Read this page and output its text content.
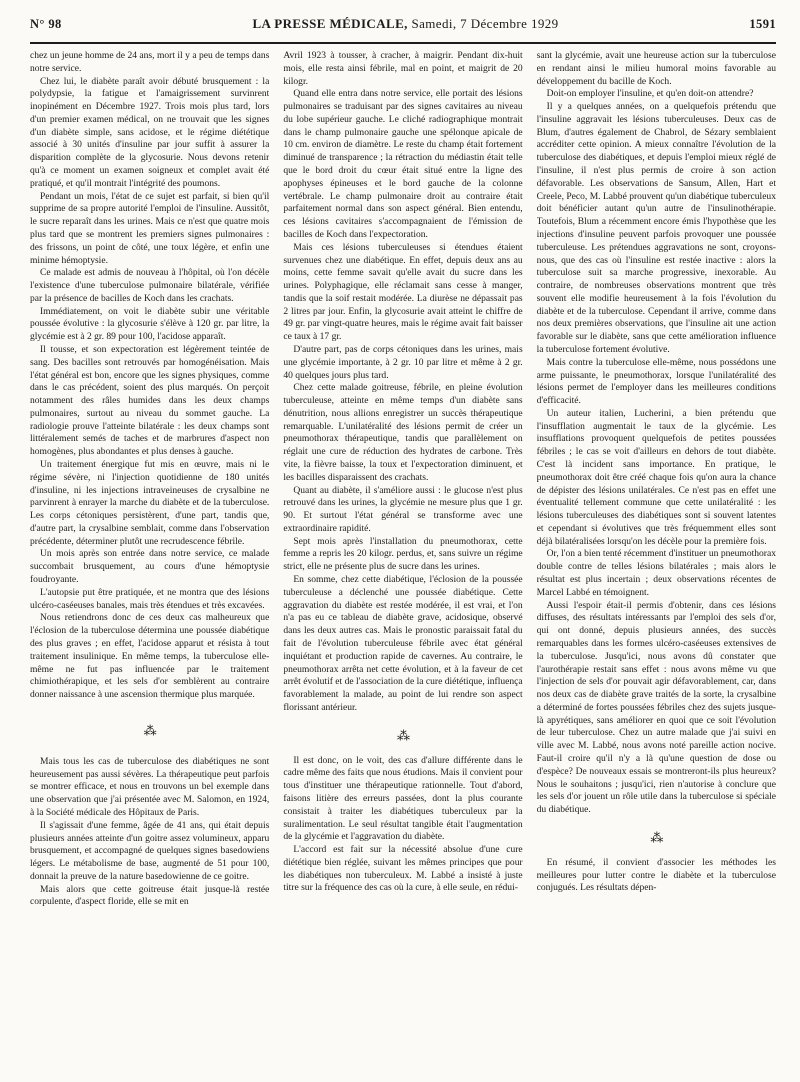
N° 98	LA PRESSE MÉDICALE, Samedi, 7 Décembre 1929	1591

chez un jeune homme de 24 ans, mort il y a peu de temps dans notre service.

Chez lui, le diabète paraît avoir débuté brusquement : la polydypsie, la fatigue et l'amaigrissement survinrent inopinément en Décembre 1927. Trois mois plus tard, lors d'un premier examen médical, on ne trouvait que les signes d'un diabète simple, sans acidose, et le régime diététique associé à 30 unités d'insuline par jour suffit à assurer la disparition complète de la glycosurie. Nous devons retenir qu'à ce moment un examen soigneux et complet avait été pratiqué, et qu'il montrait l'intégrité des poumons.

Pendant un mois, l'état de ce sujet est parfait, si bien qu'il supprime de sa propre autorité l'emploi de l'insuline. Aussitôt, le sucre reparaît dans les urines. Mais ce n'est que quatre mois plus tard que se montrent les premiers signes pulmonaires : des frissons, un point de côté, une toux légère, et enfin une minime hémoptysie.

Ce malade est admis de nouveau à l'hôpital, où l'on décèle l'existence d'une tuberculose pulmonaire bilatérale, vérifiée par la présence de bacilles de Koch dans les crachats.

Immédiatement, on voit le diabète subir une véritable poussée évolutive : la glycosurie s'élève à 120 gr. par litre, la glycémie est à 2 gr. 89 pour 100, l'acidose apparaît.

Il tousse, et son expectoration est légèrement teintée de sang. Des bacilles sont retrouvés par homogénéisation. Mais l'état général est bon, encore que les signes physiques, comme dans le cas précédent, soient des plus marqués. On perçoit notamment des râles humides dans les deux champs pulmonaires, surtout au niveau du sommet gauche. La radiologie prouve l'atteinte bilatérale : les deux champs sont littéralement semés de taches et de marbrures d'aspect non homogènes, plus abondantes et plus denses à gauche.

Un traitement énergique fut mis en œuvre, mais ni le régime sévère, ni l'injection quotidienne de 180 unités d'insuline, ni les injections intraveineuses de crysalbine ne parvinrent à enrayer la marche du diabète et de la tuberculose. Les corps cétoniques persistèrent, d'une part, tandis que, d'autre part, la crysalbine semblait, comme dans l'observation précédente, déterminer plutôt une recrudescence fébrile.

Un mois après son entrée dans notre service, ce malade succombait brusquement, au cours d'une hémoptysie foudroyante.

L'autopsie put être pratiquée, et ne montra que des lésions ulcéro-caséeuses banales, mais très étendues et très excavées.

Nous retiendrons donc de ces deux cas malheureux que l'éclosion de la tuberculose détermina une poussée diabétique des plus graves ; en effet, l'acidose apparut et résista à tout traitement insulinique. En même temps, la tuberculose elle-même ne fut pas influencée par le traitement chimiothérapique, et les sels d'or semblèrent au contraire donner naissance à une ascension thermique plus marquée.

⁂

Mais tous les cas de tuberculose des diabétiques ne sont heureusement pas aussi sévères. La thérapeutique peut parfois se montrer efficace, et nous en trouvons un bel exemple dans une observation que j'ai présentée avec M. Salomon, en 1924, à la Société médicale des Hôpitaux de Paris.

Il s'agissait d'une femme, âgée de 41 ans, qui était depuis plusieurs années atteinte d'un goitre assez volumineux, apparu brusquement, et accompagné de quelques signes basedowiens légers. Le métabolisme de base, augmenté de 51 pour 100, donnait la preuve de la nature basedowienne de ce goitre.

Mais alors que cette goitreuse était jusque-là restée corpulente, d'aspect floride, elle se mit en

Avril 1923 à tousser, à cracher, à maigrir. Pendant dix-huit mois, elle resta ainsi fébrile, mal en point, et maigrit de 20 kilogr.

Quand elle entra dans notre service, elle portait des lésions pulmonaires se traduisant par des signes cavitaires au niveau du lobe supérieur gauche. Le cliché radiographique montrait dans le champ pulmonaire gauche une spélonque apicale de 10 cm. environ de diamètre. Le reste du champ était fortement diminué de transparence ; la rétraction du médiastin était telle que le bord droit du cœur était situé entre la ligne des apophyses épineuses et le bord gauche de la colonne vertébrale. Le champ pulmonaire droit au contraire était parfaitement normal dans son aspect général. Bien entendu, ces lésions cavitaires s'accompagnaient de l'émission de bacilles de Koch dans l'expectoration.

Mais ces lésions tuberculeuses si étendues étaient survenues chez une diabétique. En effet, depuis deux ans au moins, cette femme savait qu'elle avait du sucre dans les urines. Polyphagique, elle réclamait sans cesse à manger, tandis que la soif restait modérée. La diurèse ne dépassait pas 2 litres par jour. Enfin, la glycosurie avait atteint le chiffre de 49 gr. par vingt-quatre heures, mais le régime avait fait baisser ce taux à 17 gr.

D'autre part, pas de corps cétoniques dans les urines, mais une glycémie importante, à 2 gr. 10 par litre et même à 2 gr. 40 quelques jours plus tard.

Chez cette malade goitreuse, fébrile, en pleine évolution tuberculeuse, atteinte en même temps d'un diabète sans dénutrition, nous allions enregistrer un succès thérapeutique remarquable. L'unilatéralité des lésions permit de créer un pneumothorax thérapeutique, tandis que parallèlement on réglait une cure de réduction des hydrates de carbone. Très vite, la fièvre baisse, la toux et l'expectoration diminuent, et les bacilles disparaissent des crachats.

Quant au diabète, il s'améliore aussi : le glucose n'est plus retrouvé dans les urines, la glycémie ne mesure plus que 1 gr. 90. Et surtout l'état général se transforme avec une extraordinaire rapidité.

Sept mois après l'installation du pneumothorax, cette femme a repris les 20 kilogr. perdus, et, sans suivre un régime strict, elle ne présente plus de sucre dans les urines.

En somme, chez cette diabétique, l'éclosion de la poussée tuberculeuse a déclenché une poussée diabétique. Cette aggravation du diabète est restée modérée, il est vrai, et l'on n'a pas eu ce tableau de diabète grave, acidosique, observé dans les deux autres cas. Mais le pronostic paraissait fatal du fait de l'évolution tuberculeuse fébrile avec état général inquiétant et production rapide de cavernes. Au contraire, le pneumothorax arrêta net cette évolution, et à la faveur de cet arrêt évolutif et de l'association de la cure diététique, influença favorablement la malade, au point de lui rendre son aspect florissant antérieur.

⁂

Il est donc, on le voit, des cas d'allure différente dans le cadre même des faits que nous étudions. Mais il convient pour tous d'instituer une thérapeutique rationnelle. Tout d'abord, faisons litière des erreurs passées, dont la plus courante consistait à traiter les diabétiques tuberculeux par la suralimentation. Le seul résultat tangible était l'augmentation de la glycémie et l'aggravation du diabète.

L'accord est fait sur la nécessité absolue d'une cure diététique bien réglée, suivant les mêmes principes que pour les diabétiques non tuberculeux. M. Labbé a insisté à juste titre sur la fréquence des cas où la cure, à elle seule, en rédui-

sant la glycémie, avait une heureuse action sur la tuberculose en rendant ainsi le milieu humoral moins favorable au développement du bacille de Koch.

Doit-on employer l'insuline, et qu'en doit-on attendre?

Il y a quelques années, on a quelquefois prétendu que l'insuline aggravait les lésions tuberculeuses. Deux cas de Blum, d'autres également de Chabrol, de Sézary semblaient accréditer cette opinion. A mieux connaître l'évolution de la tuberculose des diabétiques, et depuis l'emploi mieux réglé de l'insuline, il n'est plus permis de croire à son action défavorable. Les observations de Sansum, Allen, Hart et Creele, Peco, M. Labbé prouvent qu'un diabétique tuberculeux doit bénéficier autant qu'un autre de l'insulinothérapie. Toutefois, Blum a récemment encore émis l'hypothèse que les injections d'insuline peuvent parfois provoquer une poussée tuberculeuse. Les prétendues aggravations ne sont, croyons-nous, que des cas où l'insuline est restée inactive : alors la tuberculose suit sa marche progressive, inexorable. Au contraire, de nombreuses observations montrent que très souvent elle modifie heureusement à la fois l'évolution du diabète et de la tuberculose. Cependant il arrive, comme dans nos deux premières observations, que l'insuline ait une action favorable sur le diabète, sans que cette amélioration influence la tuberculose fortement évolutive.

Mais contre la tuberculose elle-même, nous possédons une arme puissante, le pneumothorax, lorsque l'unilatéralité des lésions permet de l'employer dans les meilleures conditions d'efficacité.

Un auteur italien, Lucherini, a bien prétendu que l'insufflation augmentait le taux de la glycémie. Les insufflations provoquent quelquefois de petites poussées fébriles ; le cas se voit d'ailleurs en dehors de tout diabète. C'est là incident sans importance. En pratique, le pneumothorax doit être créé chaque fois qu'on aura la chance de dépister des lésions unilatérales. Ce n'est pas en effet une éventualité tellement commune que cette unilatéralité : les lésions tuberculeuses des diabétiques sont si souvent latentes et cependant si évolutives que très fréquemment elles sont déjà bilatéralisées lorsqu'on les décèle pour la première fois.

Or, l'on a bien tenté récemment d'instituer un pneumothorax double contre de telles lésions bilatérales ; mais alors le résultat est plus incertain ; deux observations récentes de Marcel Labbé en témoignent.

Aussi l'espoir était-il permis d'obtenir, dans ces lésions diffuses, des résultats intéressants par l'emploi des sels d'or, qui ont donné, depuis plusieurs années, des succès remarquables dans les formes ulcéro-caséeuses extensives de la tuberculose. Jusqu'ici, nous avons dû constater que l'aurothérapie restait sans effet : nous avons même vu que l'injection de sels d'or pouvait agir défavorablement, car, dans nos deux cas de diabète grave traités de la sorte, la crysalbine a déterminé de fortes poussées fébriles chez des sujets jusque-là apyrétiques, sans améliorer en quoi que ce soit l'évolution de leur tuberculose. Chez un autre malade que j'ai suivi en ville avec M. Labbé, nous avons noté pareille action nocive. Faut-il croire qu'il n'y a là qu'une question de dose ou d'espèce? De nouveaux essais se montreront-ils plus heureux? Nous le souhaitons ; jusqu'ici, rien n'autorise à conclure que les sels d'or jouent un rôle utile dans la tuberculose si spéciale du diabétique.

⁂

En résumé, il convient d'associer les méthodes les meilleures pour lutter contre le diabète et la tuberculose conjugués. Les résultats dépen-
